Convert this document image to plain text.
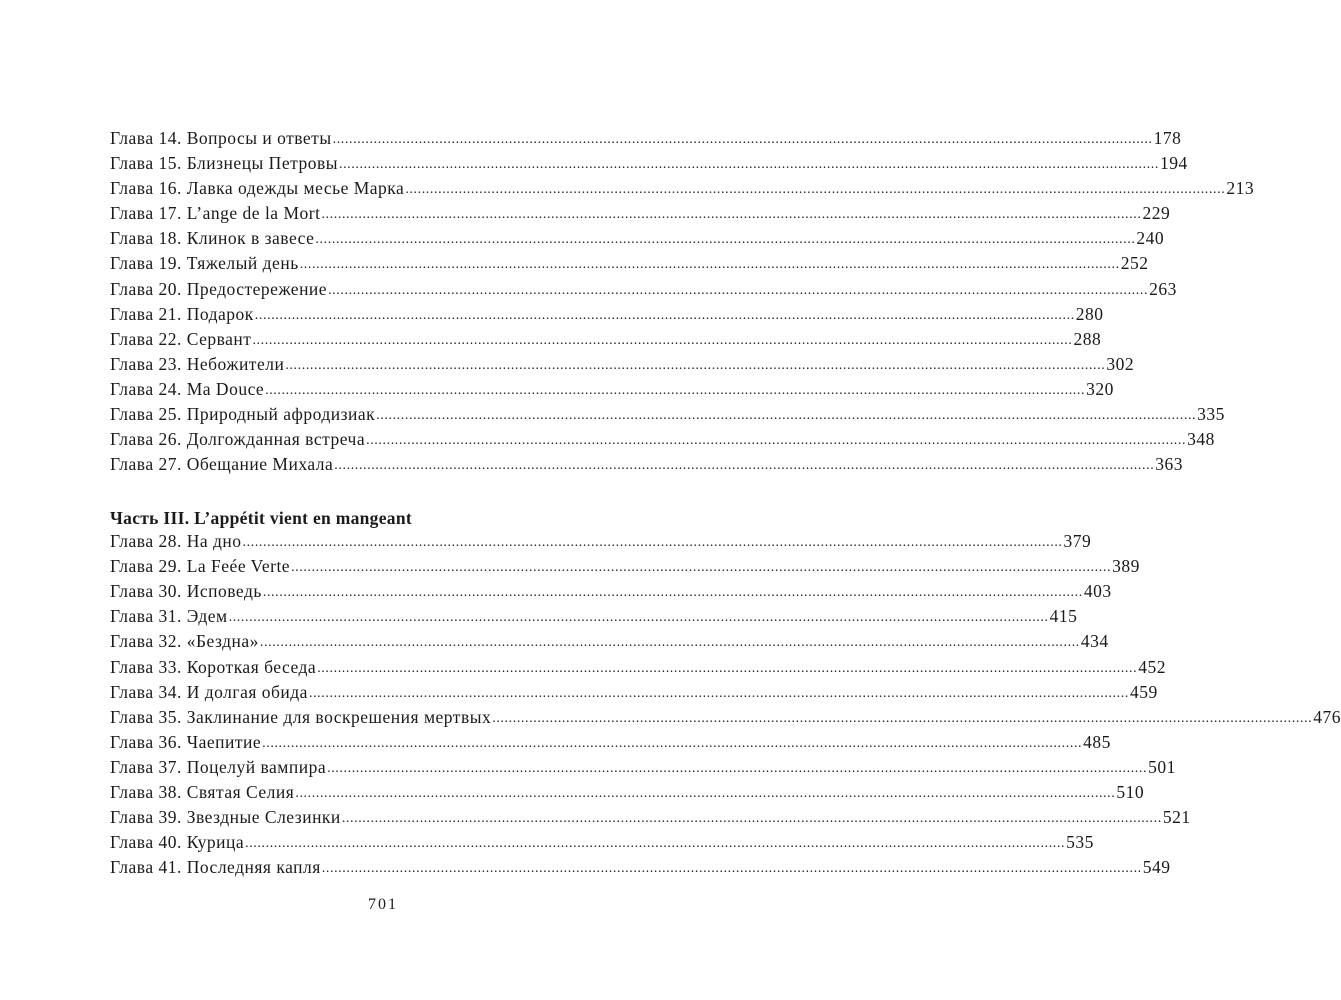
Глава 14. Вопросы и ответы ........................................................................................................................................................................................................ 178
Глава 15. Близнецы Петровы ........................................................................................................................................................................................................ 194
Глава 16. Лавка одежды месье Марка ........................................................................................................................................................................................................ 213
Глава 17. L’ange de la Mort ........................................................................................................................................................................................................ 229
Глава 18. Клинок в завесе ........................................................................................................................................................................................................ 240
Глава 19. Тяжелый день ........................................................................................................................................................................................................ 252
Глава 20. Предостережение ........................................................................................................................................................................................................ 263
Глава 21. Подарок ........................................................................................................................................................................................................ 280
Глава 22. Сервант ........................................................................................................................................................................................................ 288
Глава 23. Небожители ........................................................................................................................................................................................................ 302
Глава 24. Ma Douce ........................................................................................................................................................................................................ 320
Глава 25. Природный афродизиак ........................................................................................................................................................................................................ 335
Глава 26. Долгожданная встреча ........................................................................................................................................................................................................ 348
Глава 27. Обещание Михала ........................................................................................................................................................................................................ 363
Часть III. L’appétit vient en mangeant
Глава 28. На дно ........................................................................................................................................................................................................ 379
Глава 29. La Feée Verte ........................................................................................................................................................................................................ 389
Глава 30. Исповедь ........................................................................................................................................................................................................ 403
Глава 31. Эдем ........................................................................................................................................................................................................ 415
Глава 32. «Бездна» ........................................................................................................................................................................................................ 434
Глава 33. Короткая беседа ........................................................................................................................................................................................................ 452
Глава 34. И долгая обида ........................................................................................................................................................................................................ 459
Глава 35. Заклинание для воскрешения мертвых ........................................................................................................................................................................................................ 476
Глава 36. Чаепитие ........................................................................................................................................................................................................ 485
Глава 37. Поцелуй вампира ........................................................................................................................................................................................................ 501
Глава 38. Святая Селия ........................................................................................................................................................................................................ 510
Глава 39. Звездные Слезинки ........................................................................................................................................................................................................ 521
Глава 40. Курица ........................................................................................................................................................................................................ 535
Глава 41. Последняя капля ........................................................................................................................................................................................................ 549
701
